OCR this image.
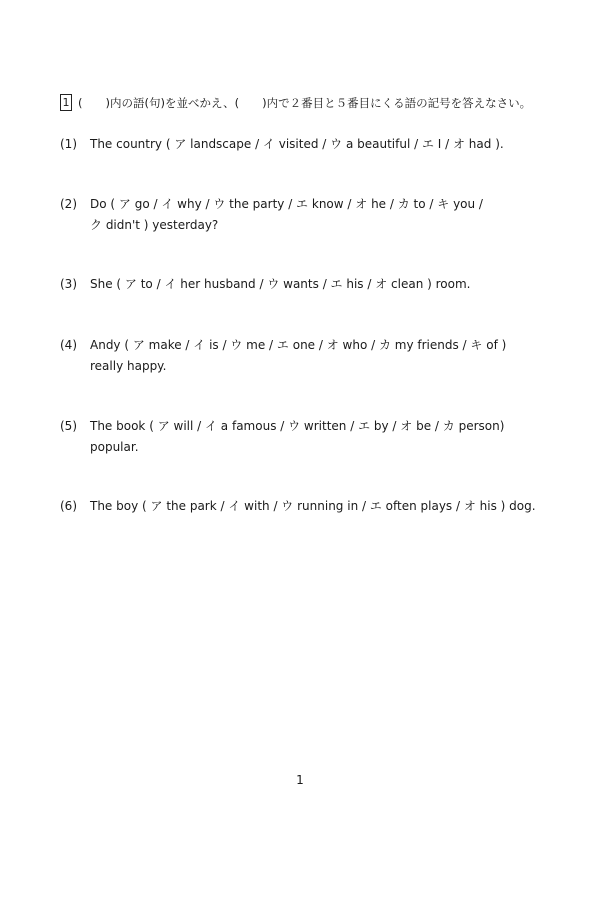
1 (　　)内の語(句)を並べかえ、(　　)内で２番目と５番目にくる語の記号を答えなさい。
(1)	The country ( ア landscape / イ visited / ウ a beautiful / エ I / オ had ).
(2)	Do ( ア go / イ why / ウ the party / エ know / オ he / カ to / キ you /
ク didn't ) yesterday?
(3)	She ( ア to / イ her husband / ウ wants / エ his / オ clean ) room.
(4)	Andy ( ア make / イ is / ウ me / エ one / オ who / カ my friends / キ of )
really happy.
(5)	The book ( ア will / イ a famous / ウ written / エ by / オ be / カ person)
popular.
(6)	The boy ( ア the park / イ with / ウ running in / エ often plays / オ his ) dog.
1
